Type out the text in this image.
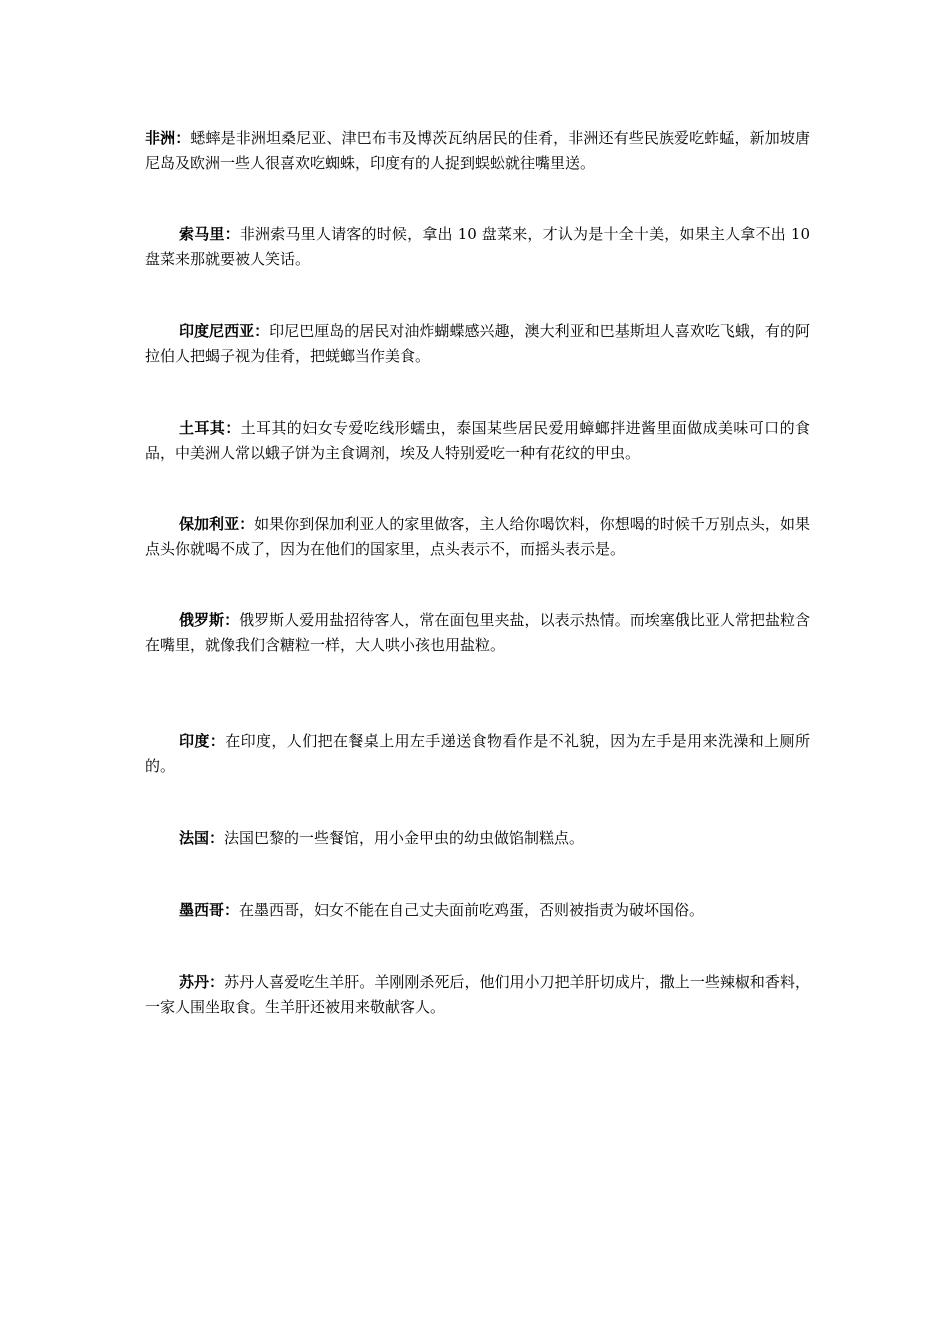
非洲：蟋蟀是非洲坦桑尼亚、津巴布韦及博茨瓦纳居民的佳肴，非洲还有些民族爱吃蚱蜢，新加坡唐尼岛及欧洲一些人很喜欢吃蜘蛛，印度有的人捉到蜈蚣就往嘴里送。

索马里：非洲索马里人请客的时候，拿出 10 盘菜来，才认为是十全十美，如果主人拿不出 10 盘菜来那就要被人笑话。

印度尼西亚：印尼巴厘岛的居民对油炸蝴蝶感兴趣，澳大利亚和巴基斯坦人喜欢吃飞蛾，有的阿拉伯人把蝎子视为佳肴，把蜣螂当作美食。

土耳其：土耳其的妇女专爱吃线形蠕虫，泰国某些居民爱用蟑螂拌进酱里面做成美味可口的食品，中美洲人常以蛾子饼为主食调剂，埃及人特别爱吃一种有花纹的甲虫。

保加利亚：如果你到保加利亚人的家里做客，主人给你喝饮料，你想喝的时候千万别点头，如果点头你就喝不成了，因为在他们的国家里，点头表示不，而摇头表示是。

俄罗斯：俄罗斯人爱用盐招待客人，常在面包里夹盐，以表示热情。而埃塞俄比亚人常把盐粒含在嘴里，就像我们含糖粒一样，大人哄小孩也用盐粒。

印度：在印度，人们把在餐桌上用左手递送食物看作是不礼貌，因为左手是用来洗澡和上厕所的。

法国：法国巴黎的一些餐馆，用小金甲虫的幼虫做馅制糕点。

墨西哥：在墨西哥，妇女不能在自己丈夫面前吃鸡蛋，否则被指责为破坏国俗。

苏丹：苏丹人喜爱吃生羊肝。羊刚刚杀死后，他们用小刀把羊肝切成片，撒上一些辣椒和香料，一家人围坐取食。生羊肝还被用来敬献客人。
